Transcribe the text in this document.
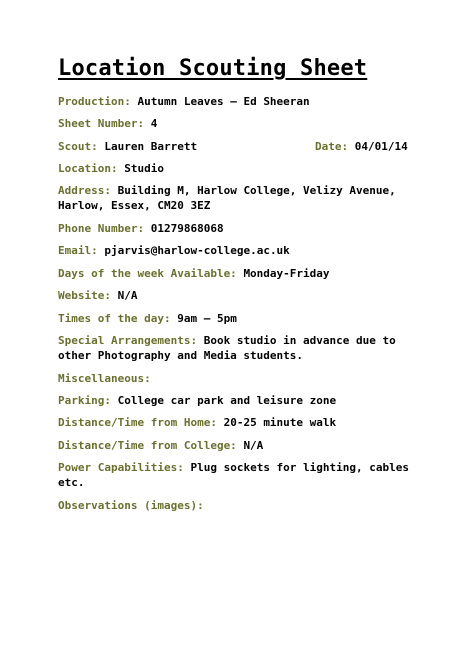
Location Scouting Sheet

Production: Autumn Leaves – Ed Sheeran

Sheet Number: 4

Scout: Lauren Barrett	Date: 04/01/14

Location: Studio

Address: Building M, Harlow College, Velizy Avenue, Harlow, Essex, CM20 3EZ

Phone Number: 01279868068

Email: pjarvis@harlow-college.ac.uk

Days of the week Available: Monday-Friday

Website: N/A

Times of the day: 9am – 5pm

Special Arrangements: Book studio in advance due to other Photography and Media students.

Miscellaneous:

Parking: College car park and leisure zone

Distance/Time from Home: 20-25 minute walk

Distance/Time from College: N/A

Power Capabilities: Plug sockets for lighting, cables etc.

Observations (images):
